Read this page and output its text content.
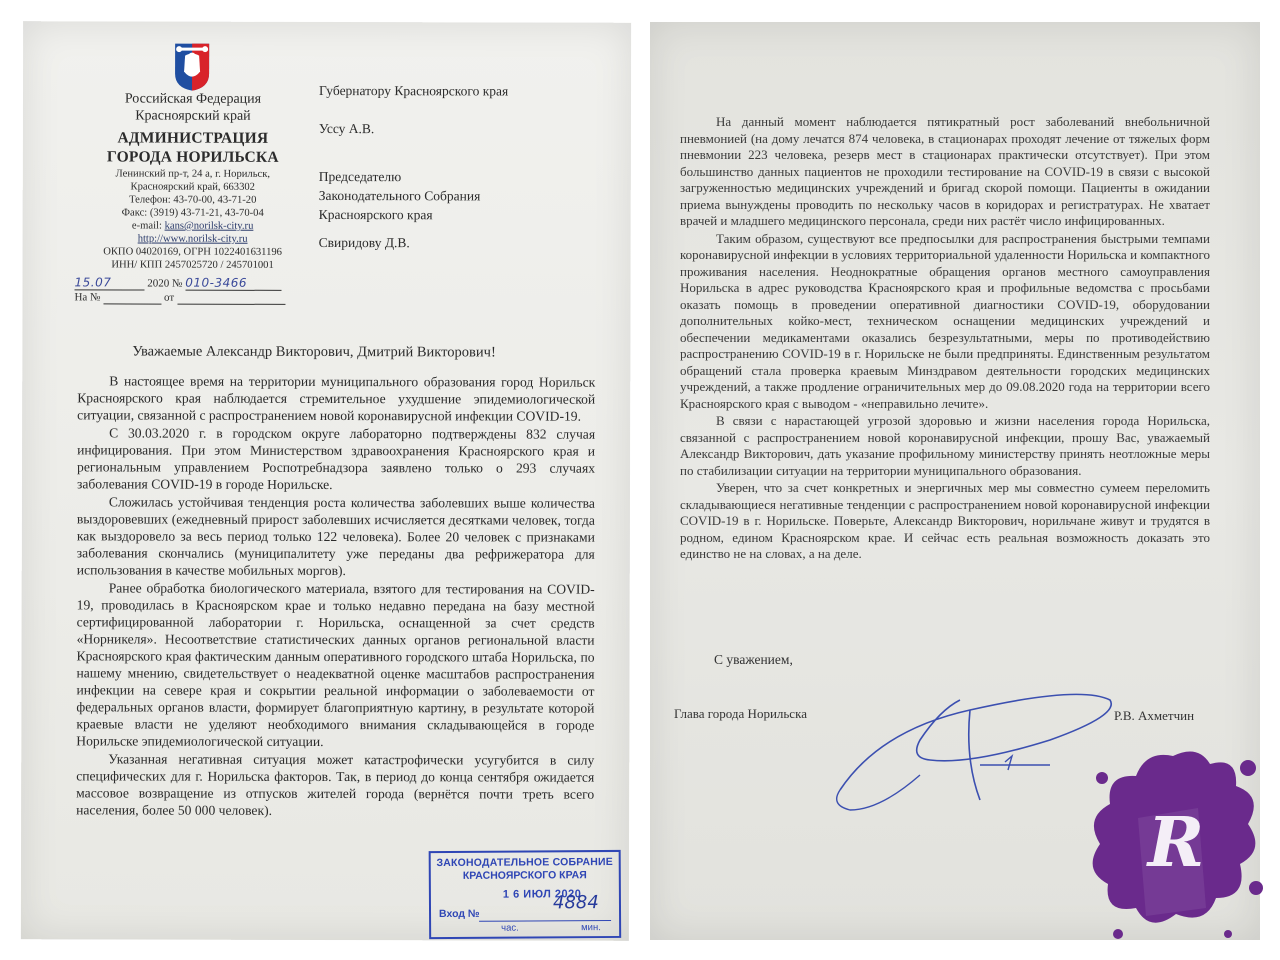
Российская Федерация
Красноярский край
АДМИНИСТРАЦИЯ
ГОРОДА НОРИЛЬСКА
Ленинский пр-т, 24 а, г. Норильск,
Красноярский край, 663302
Телефон: 43-70-00, 43-71-20
Факс: (3919) 43-71-21, 43-70-04
e-mail: kans@norilsk-city.ru
http://www.norilsk-city.ru
ОКПО 04020169, ОГРН 1022401631196
ИНН/ КПП 2457025720 / 245701001
15.07	2020 № 010-3466
На №	от
Губернатору Красноярского края
Уссу А.В.
Председателю
Законодательного Собрания
Красноярского края
Свиридову Д.В.
Уважаемые Александр Викторович, Дмитрий Викторович!

В настоящее время на территории муниципального образования город Норильск Красноярского края наблюдается стремительное ухудшение эпидемиологической ситуации, связанной с распространением новой коронавирусной инфекции COVID-19.

С 30.03.2020 г. в городском округе лабораторно подтверждены 832 случая инфицирования. При этом Министерством здравоохранения Красноярского края и региональным управлением Роспотребнадзора заявлено только о 293 случаях заболевания COVID-19 в городе Норильске.

Сложилась устойчивая тенденция роста количества заболевших выше количества выздоровевших (ежедневный прирост заболевших исчисляется десятками человек, тогда как выздоровело за весь период только 122 человека). Более 20 человек с признаками заболевания скончались (муниципалитету уже переданы два рефрижератора для использования в качестве мобильных моргов).

Ранее обработка биологического материала, взятого для тестирования на COVID-19, проводилась в Красноярском крае и только недавно передана на базу местной сертифицированной лаборатории г. Норильска, оснащенной за счет средств «Норникеля». Несоответствие статистических данных органов региональной власти Красноярского края фактическим данным оперативного городского штаба Норильска, по нашему мнению, свидетельствует о неадекватной оценке масштабов распространения инфекции на севере края и сокрытии реальной информации о заболеваемости от федеральных органов власти, формирует благоприятную картину, в результате которой краевые власти не уделяют необходимого внимания складывающейся в городе Норильске эпидемиологической ситуации.

Указанная негативная ситуация может катастрофически усугубится в силу специфических для г. Норильска факторов. Так, в период до конца сентября ожидается массовое возвращение из отпусков жителей города (вернётся почти треть всего населения, более 50 000 человек).

ЗАКОНОДАТЕЛЬНОЕ СОБРАНИЕ
КРАСНОЯРСКОГО КРАЯ
1 6 ИЮЛ 2020
Вход №
4884
час.	мин.

На данный момент наблюдается пятикратный рост заболеваний внебольничной пневмонией (на дому лечатся 874 человека, в стационарах проходят лечение от тяжелых форм пневмонии 223 человека, резерв мест в стационарах практически отсутствует). При этом большинство данных пациентов не проходили тестирование на COVID-19 в связи с высокой загруженностью медицинских учреждений и бригад скорой помощи. Пациенты в ожидании приема вынуждены проводить по нескольку часов в коридорах и регистратурах. Не хватает врачей и младшего медицинского персонала, среди них растёт число инфицированных.

Таким образом, существуют все предпосылки для распространения быстрыми темпами коронавирусной инфекции в условиях территориальной удаленности Норильска и компактного проживания населения. Неоднократные обращения органов местного самоуправления Норильска в адрес руководства Красноярского края и профильные ведомства с просьбами оказать помощь в проведении оперативной диагностики COVID-19, оборудовании дополнительных койко-мест, техническом оснащении медицинских учреждений и обеспечении медикаментами оказались безрезультатными, меры по противодействию распространению COVID-19 в г. Норильске не были предприняты. Единственным результатом обращений стала проверка краевым Минздравом деятельности городских медицинских учреждений, а также продление ограничительных мер до 09.08.2020 года на территории всего Красноярского края с выводом - «неправильно лечите».

В связи с нарастающей угрозой здоровью и жизни населения города Норильска, связанной с распространением новой коронавирусной инфекции, прошу Вас, уважаемый Александр Викторович, дать указание профильному министерству принять неотложные меры по стабилизации ситуации на территории муниципального образования.

Уверен, что за счет конкретных и энергичных мер мы совместно сумеем переломить складывающиеся негативные тенденции с распространением новой коронавирусной инфекции COVID-19 в г. Норильске. Поверьте, Александр Викторович, норильчане живут и трудятся в родном, едином Красноярском крае. И сейчас есть реальная возможность доказать это единство не на словах, а на деле.

С уважением,
Глава города Норильска	Р.В. Ахметчин
R
